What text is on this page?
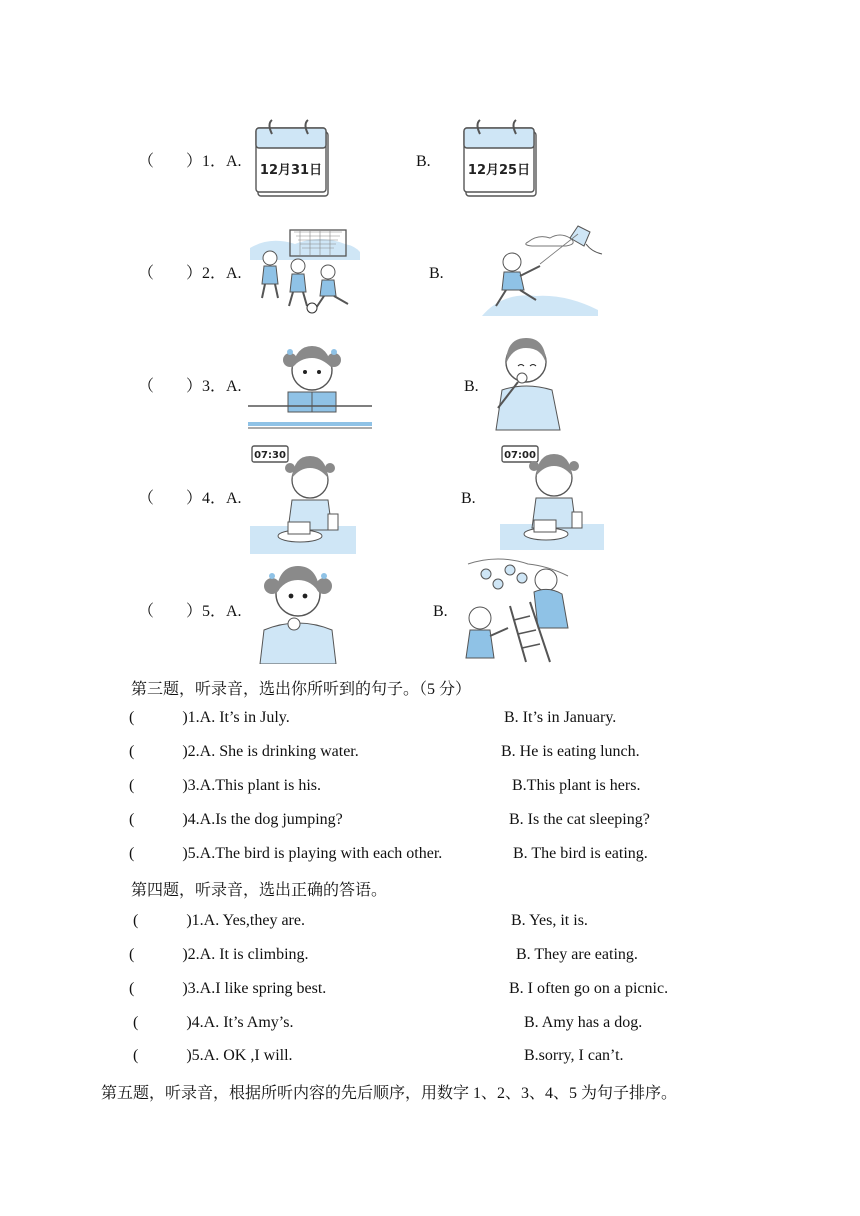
（　　）1．A.
12月31日
B.
12月25日
（　　）2．A.	B.
（　　）3．A.	B.
（　　）4．A.
07:30
B.
07:00
（　　）5．A.	B.
第三题，听录音，选出你所听到的句子。（5 分）
(　　　)1.A. It’s in July.	B. It’s in January.
(　　　)2.A. She is drinking water.	B. He is eating lunch.
(　　　)3.A.This plant is his.	B.This plant is hers.
(　　　)4.A.Is the dog jumping?	B. Is the cat sleeping?
(　　　)5.A.The bird is playing with each other.	B. The bird is eating.
第四题，听录音，选出正确的答语。
(　　　)1.A. Yes,they are.	B. Yes, it is.
(　　　)2.A. It is climbing.	B. They are eating.
(　　　)3.A.I like spring best.	B. I often go on a picnic.
(　　　)4.A. It’s Amy’s.	B. Amy has a dog.
(　　　)5.A. OK ,I will.	B.sorry, I can’t.
第五题，听录音，根据所听内容的先后顺序，用数字 1、2、3、4、5 为句子排序。
